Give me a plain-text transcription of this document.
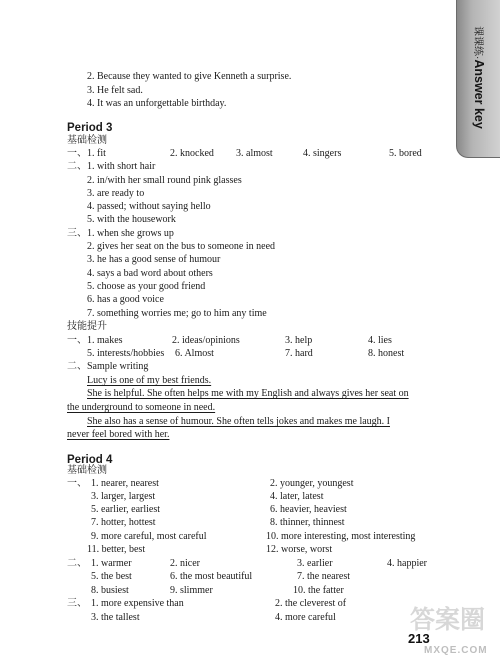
课课练·Answer key
2. Because they wanted to give Kenneth a surprise.
3. He felt sad.
4. It was an unforgettable birthday.
Period 3
基础检测
一、 1. fit	2. knocked 3. almost	4. singers	5. bored
二、 1. with short hair
2. in/with her small round pink glasses
3. are ready to
4. passed; without saying hello
5. with the housework
三、 1. when she grows up
2. gives her seat on the bus to someone in need
3. he has a good sense of humour
4. says a bad word about others
5. choose as your good friend
6. has a good voice
7. something worries me; go to him any time
技能提升
一、 1. makes	2. ideas/opinions	3. help	4. lies
5. interests/hobbies 6. Almost	7. hard	8. honest
二、 Sample writing
Lucy is one of my best friends.
She is helpful. She often helps me with my English and always gives her seat on
the underground to someone in need.
She also has a sense of humour. She often tells jokes and makes me laugh. I
never feel bored with her.
Period 4
基础检测
一、 1. nearer, nearest	2. younger, youngest
3. larger, largest	4. later, latest
5. earlier, earliest	6. heavier, heaviest
7. hotter, hottest	8. thinner, thinnest
9. more careful, most careful	10. more interesting, most interesting
11. better, best	12. worse, worst
二、 1. warmer	2. nicer	3. earlier	4. happier
5. the best	6. the most beautiful	7. the nearest
8. busiest	9. slimmer	10. the fatter
三、 1. more expensive than	2. the cleverest of
3. the tallest	4. more careful	答案圈
213
MXQE.COM
